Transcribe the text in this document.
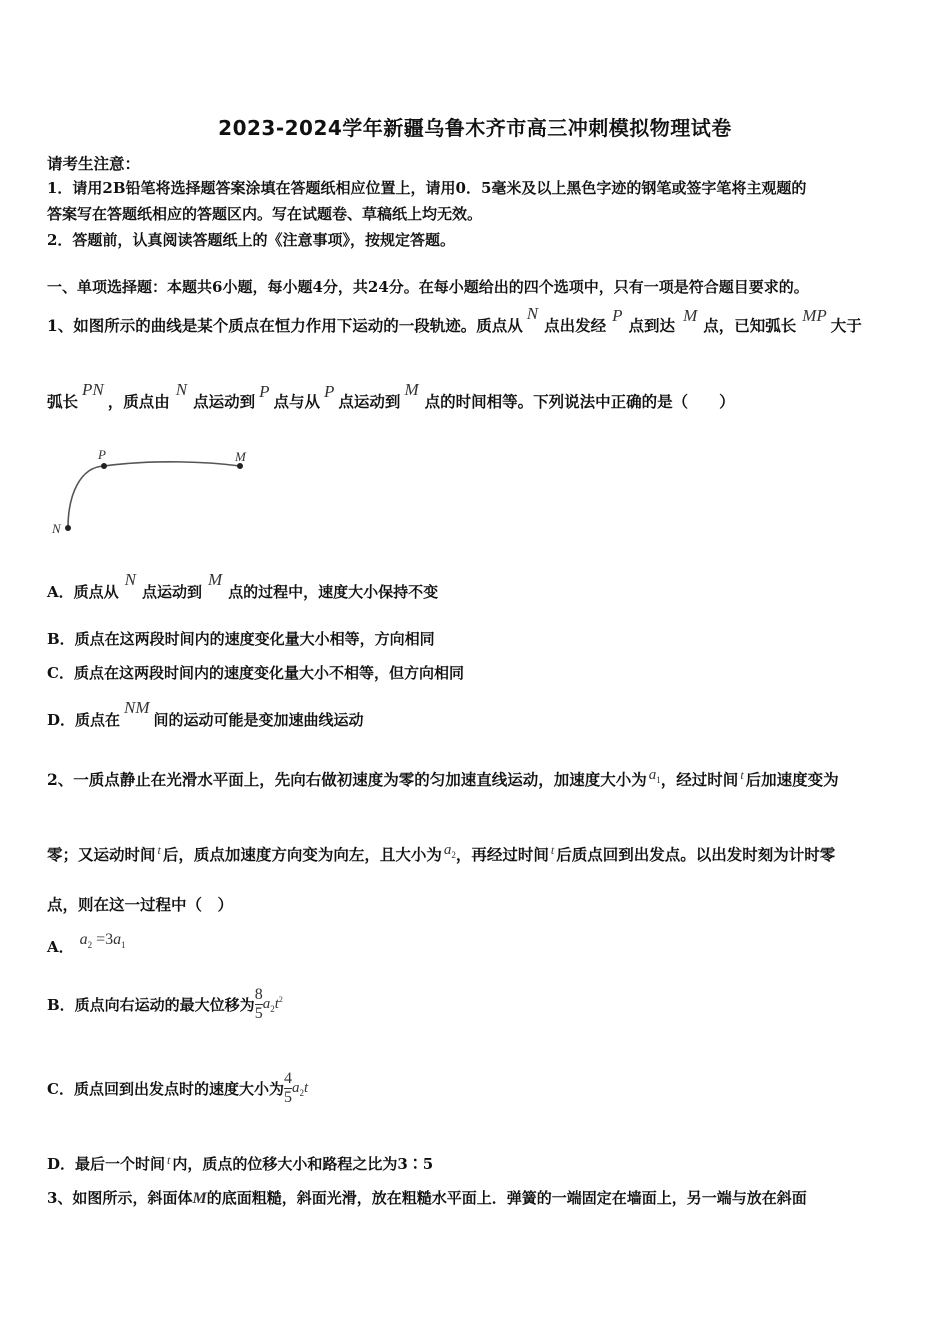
2023-2024学年新疆乌鲁木齐市高三冲刺模拟物理试卷
请考生注意：
1．请用2B铅笔将选择题答案涂填在答题纸相应位置上，请用0．5毫米及以上黑色字迹的钢笔或签字笔将主观题的
答案写在答题纸相应的答题区内。写在试题卷、草稿纸上均无效。
2．答题前，认真阅读答题纸上的《注意事项》，按规定答题。
一、单项选择题：本题共6小题，每小题4分，共24分。在每小题给出的四个选项中，只有一项是符合题目要求的。
1、如图所示的曲线是某个质点在恒力作用下运动的一段轨迹。质点从N点出发经P点到达M点，已知弧长MP大于
弧长PN，质点由N点运动到P点与从P点运动到M点的时间相等。下列说法中正确的是（　　）
P	M
N
A．质点从N点运动到M点的过程中，速度大小保持不变
B．质点在这两段时间内的速度变化量大小相等，方向相同
C．质点在这两段时间内的速度变化量大小不相等，但方向相同
D．质点在NM间的运动可能是变加速曲线运动
2、一质点静止在光滑水平面上，先向右做初速度为零的匀加速直线运动，加速度大小为 $a_1$，经过时间 $^t$ 后加速度变为
零；又运动时间 $^t$ 后，质点加速度方向变为向左，且大小为 $a_2$，再经过时间 $^t$ 后质点回到出发点。以出发时刻为计时零
点，则在这一过程中（　）
A． $a_2 =3a_1$
B．质点向右运动的最大位移为 $\frac{8}{5} a_2t^2$
C．质点回到出发点时的速度大小为 $\frac{4}{5} a_2t$
D．最后一个时间 $^t$ 内，质点的位移大小和路程之比为3∶5
3、如图所示，斜面体M的底面粗糙，斜面光滑，放在粗糙水平面上．弹簧的一端固定在墙面上，另一端与放在斜面
